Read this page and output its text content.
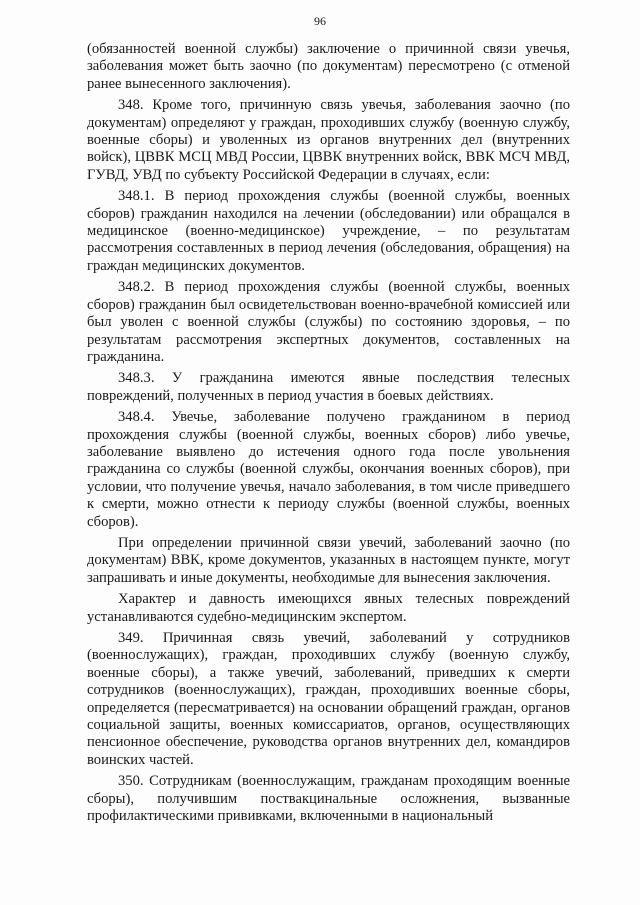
96

(обязанностей военной службы) заключение о причинной связи увечья, заболевания может быть заочно (по документам) пересмотрено (с отменой ранее вынесенного заключения).

348. Кроме того, причинную связь увечья, заболевания заочно (по документам) определяют у граждан, проходивших службу (военную службу, военные сборы) и уволенных из органов внутренних дел (внутренних войск), ЦВВК МСЦ МВД России, ЦВВК внутренних войск, ВВК МСЧ МВД, ГУВД, УВД по субъекту Российской Федерации в случаях, если:

348.1. В период прохождения службы (военной службы, военных сборов) гражданин находился на лечении (обследовании) или обращался в медицинское (военно-медицинское) учреждение, – по результатам рассмотрения составленных в период лечения (обследования, обращения) на граждан медицинских документов.

348.2. В период прохождения службы (военной службы, военных сборов) гражданин был освидетельствован военно-врачебной комиссией или был уволен с военной службы (службы) по состоянию здоровья, – по результатам рассмотрения экспертных документов, составленных на гражданина.

348.3. У гражданина имеются явные последствия телесных повреждений, полученных в период участия в боевых действиях.

348.4. Увечье, заболевание получено гражданином в период прохождения службы (военной службы, военных сборов) либо увечье, заболевание выявлено до истечения одного года после увольнения гражданина со службы (военной службы, окончания военных сборов), при условии, что получение увечья, начало заболевания, в том числе приведшего к смерти, можно отнести к периоду службы (военной службы, военных сборов).

При определении причинной связи увечий, заболеваний заочно (по документам) ВВК, кроме документов, указанных в настоящем пункте, могут запрашивать и иные документы, необходимые для вынесения заключения.

Характер и давность имеющихся явных телесных повреждений устанавливаются судебно-медицинским экспертом.

349. Причинная связь увечий, заболеваний у сотрудников (военнослужащих), граждан, проходивших службу (военную службу, военные сборы), а также увечий, заболеваний, приведших к смерти сотрудников (военнослужащих), граждан, проходивших военные сборы, определяется (пересматривается) на основании обращений граждан, органов социальной защиты, военных комиссариатов, органов, осуществляющих пенсионное обеспечение, руководства органов внутренних дел, командиров воинских частей.

350. Сотрудникам (военнослужащим, гражданам проходящим военные сборы), получившим поствакцинальные осложнения, вызванные профилактическими прививками, включенными в национальный
